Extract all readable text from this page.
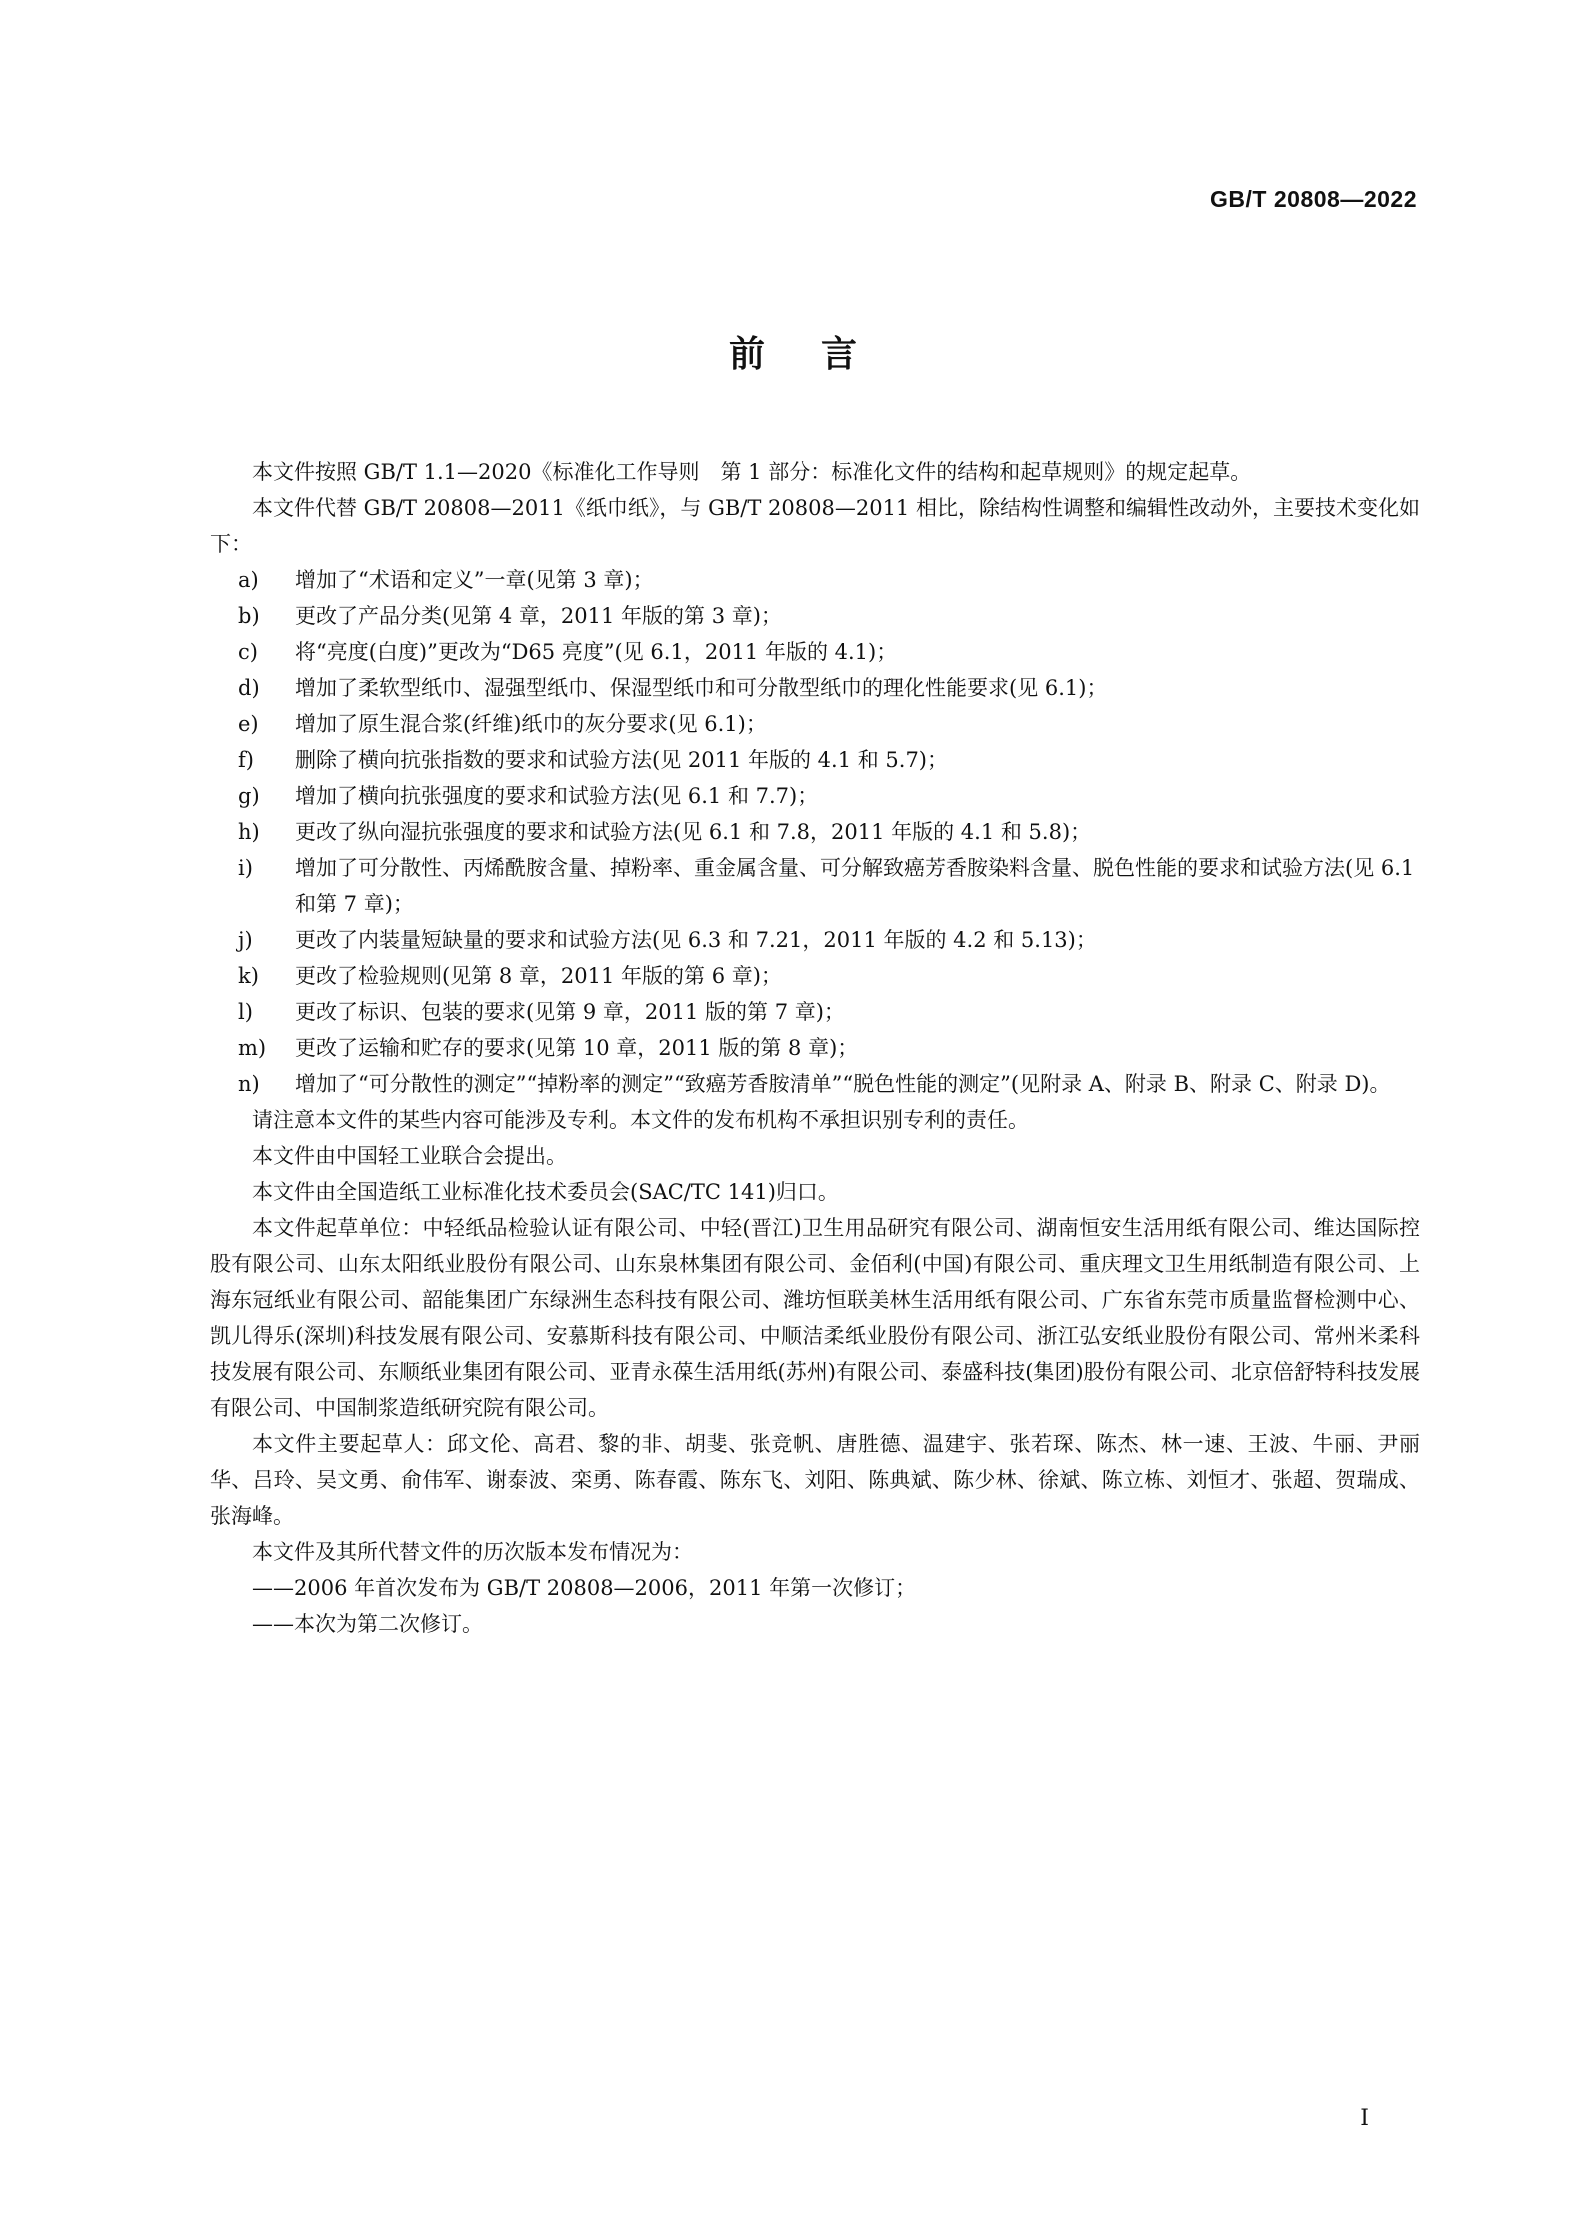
GB/T 20808—2022
前言

本文件按照 GB/T 1.1—2020《标准化工作导则　第 1 部分：标准化文件的结构和起草规则》的规定起草。

本文件代替 GB/T 20808—2011《纸巾纸》，与 GB/T 20808—2011 相比，除结构性调整和编辑性改动外，主要技术变化如下：

a) 增加了“术语和定义”一章(见第 3 章)；

b) 更改了产品分类(见第 4 章，2011 年版的第 3 章)；

c) 将“亮度(白度)”更改为“D65 亮度”(见 6.1，2011 年版的 4.1)；

d) 增加了柔软型纸巾、湿强型纸巾、保湿型纸巾和可分散型纸巾的理化性能要求(见 6.1)；

e) 增加了原生混合浆(纤维)纸巾的灰分要求(见 6.1)；

f) 删除了横向抗张指数的要求和试验方法(见 2011 年版的 4.1 和 5.7)；

g) 增加了横向抗张强度的要求和试验方法(见 6.1 和 7.7)；

h) 更改了纵向湿抗张强度的要求和试验方法(见 6.1 和 7.8，2011 年版的 4.1 和 5.8)；

i) 增加了可分散性、丙烯酰胺含量、掉粉率、重金属含量、可分解致癌芳香胺染料含量、脱色性能的要求和试验方法(见 6.1 和第 7 章)；

j) 更改了内装量短缺量的要求和试验方法(见 6.3 和 7.21，2011 年版的 4.2 和 5.13)；

k) 更改了检验规则(见第 8 章，2011 年版的第 6 章)；

l) 更改了标识、包装的要求(见第 9 章，2011 版的第 7 章)；

m) 更改了运输和贮存的要求(见第 10 章，2011 版的第 8 章)；

n) 增加了“可分散性的测定”“掉粉率的测定”“致癌芳香胺清单”“脱色性能的测定”(见附录 A、附录 B、附录 C、附录 D)。

请注意本文件的某些内容可能涉及专利。本文件的发布机构不承担识别专利的责任。

本文件由中国轻工业联合会提出。

本文件由全国造纸工业标准化技术委员会(SAC/TC 141)归口。

本文件起草单位：中轻纸品检验认证有限公司、中轻(晋江)卫生用品研究有限公司、湖南恒安生活用纸有限公司、维达国际控股有限公司、山东太阳纸业股份有限公司、山东泉林集团有限公司、金佰利(中国)有限公司、重庆理文卫生用纸制造有限公司、上海东冠纸业有限公司、韶能集团广东绿洲生态科技有限公司、潍坊恒联美林生活用纸有限公司、广东省东莞市质量监督检测中心、凯儿得乐(深圳)科技发展有限公司、安慕斯科技有限公司、中顺洁柔纸业股份有限公司、浙江弘安纸业股份有限公司、常州米柔科技发展有限公司、东顺纸业集团有限公司、亚青永葆生活用纸(苏州)有限公司、泰盛科技(集团)股份有限公司、北京倍舒特科技发展有限公司、中国制浆造纸研究院有限公司。

本文件主要起草人：邱文伦、高君、黎的非、胡斐、张竞帆、唐胜德、温建宇、张若琛、陈杰、林一速、王波、牛丽、尹丽华、吕玲、吴文勇、俞伟军、谢泰波、栾勇、陈春霞、陈东飞、刘阳、陈典斌、陈少林、徐斌、陈立栋、刘恒才、张超、贺瑞成、张海峰。

本文件及其所代替文件的历次版本发布情况为：

——2006 年首次发布为 GB/T 20808—2006，2011 年第一次修订；

——本次为第二次修订。

I
